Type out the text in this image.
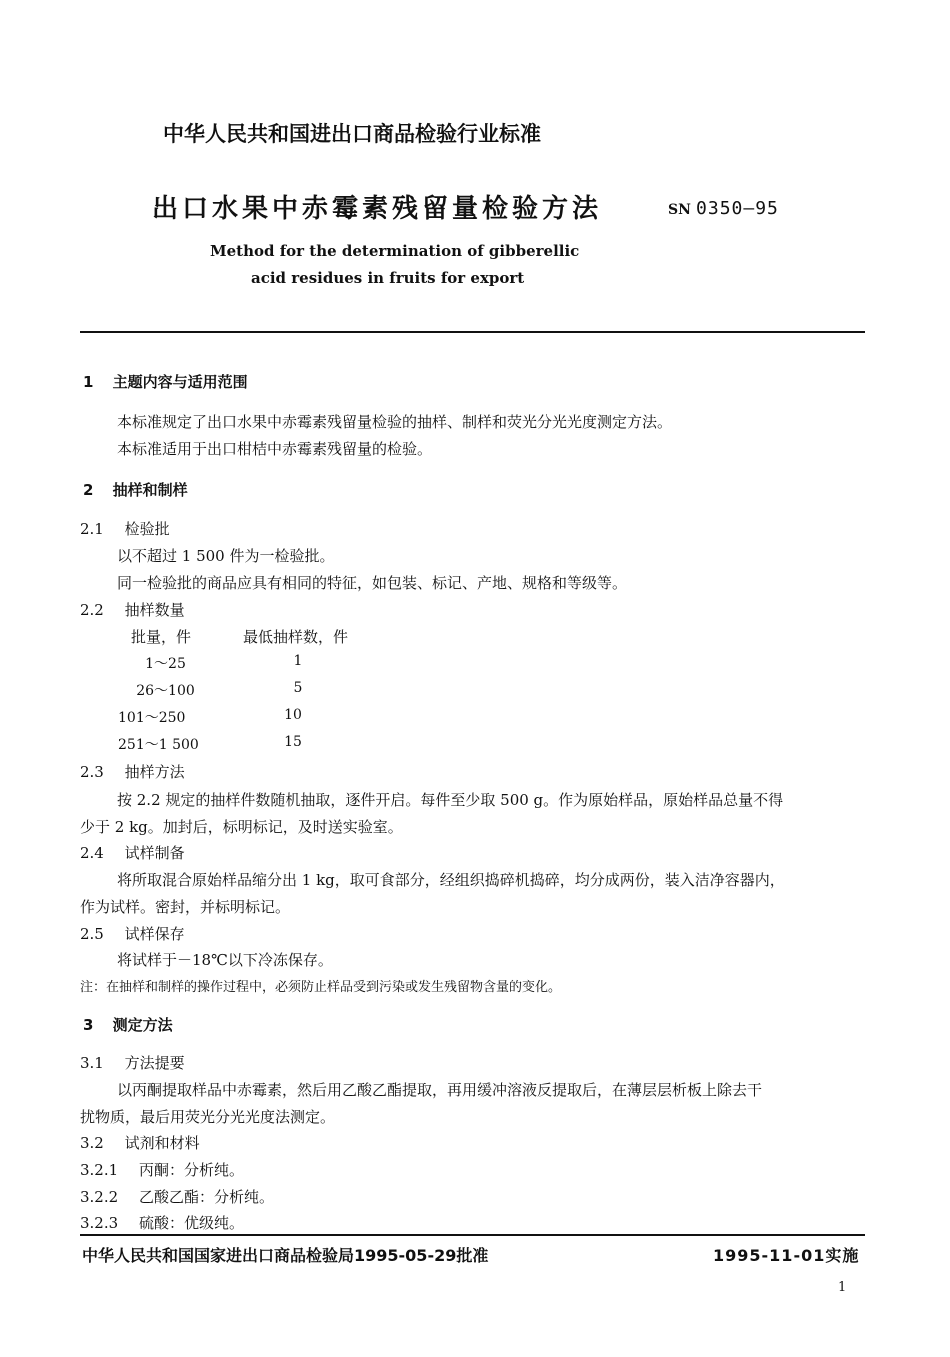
中华人民共和国进出口商品检验行业标准
出口水果中赤霉素残留量检验方法	SN 0350—95
Method for the determination of gibberellic
acid residues in fruits for export
1 主题内容与适用范围
本标准规定了出口水果中赤霉素残留量检验的抽样、制样和荧光分光光度测定方法。
本标准适用于出口柑桔中赤霉素残留量的检验。
2 抽样和制样
2.1 检验批
以不超过 1 500 件为一检验批。
同一检验批的商品应具有相同的特征，如包装、标记、产地、规格和等级等。
2.2 抽样数量
批量，件	最低抽样数，件
1～25	1
26～100	5
101～250	10
251～1 500	15
2.3 抽样方法
按 2.2 规定的抽样件数随机抽取，逐件开启。每件至少取 500 g。作为原始样品，原始样品总量不得
少于 2 kg。加封后，标明标记，及时送实验室。
2.4 试样制备
将所取混合原始样品缩分出 1 kg，取可食部分，经组织捣碎机捣碎，均分成两份，装入洁净容器内，
作为试样。密封，并标明标记。
2.5 试样保存
将试样于－18℃以下冷冻保存。
注：在抽样和制样的操作过程中，必须防止样品受到污染或发生残留物含量的变化。
3 测定方法
3.1 方法提要
以丙酮提取样品中赤霉素，然后用乙酸乙酯提取，再用缓冲溶液反提取后，在薄层层析板上除去干
扰物质，最后用荧光分光光度法测定。
3.2 试剂和材料
3.2.1 丙酮：分析纯。
3.2.2 乙酸乙酯：分析纯。
3.2.3 硫酸：优级纯。
中华人民共和国国家进出口商品检验局1995-05-29批准	1995-11-01实施
1
